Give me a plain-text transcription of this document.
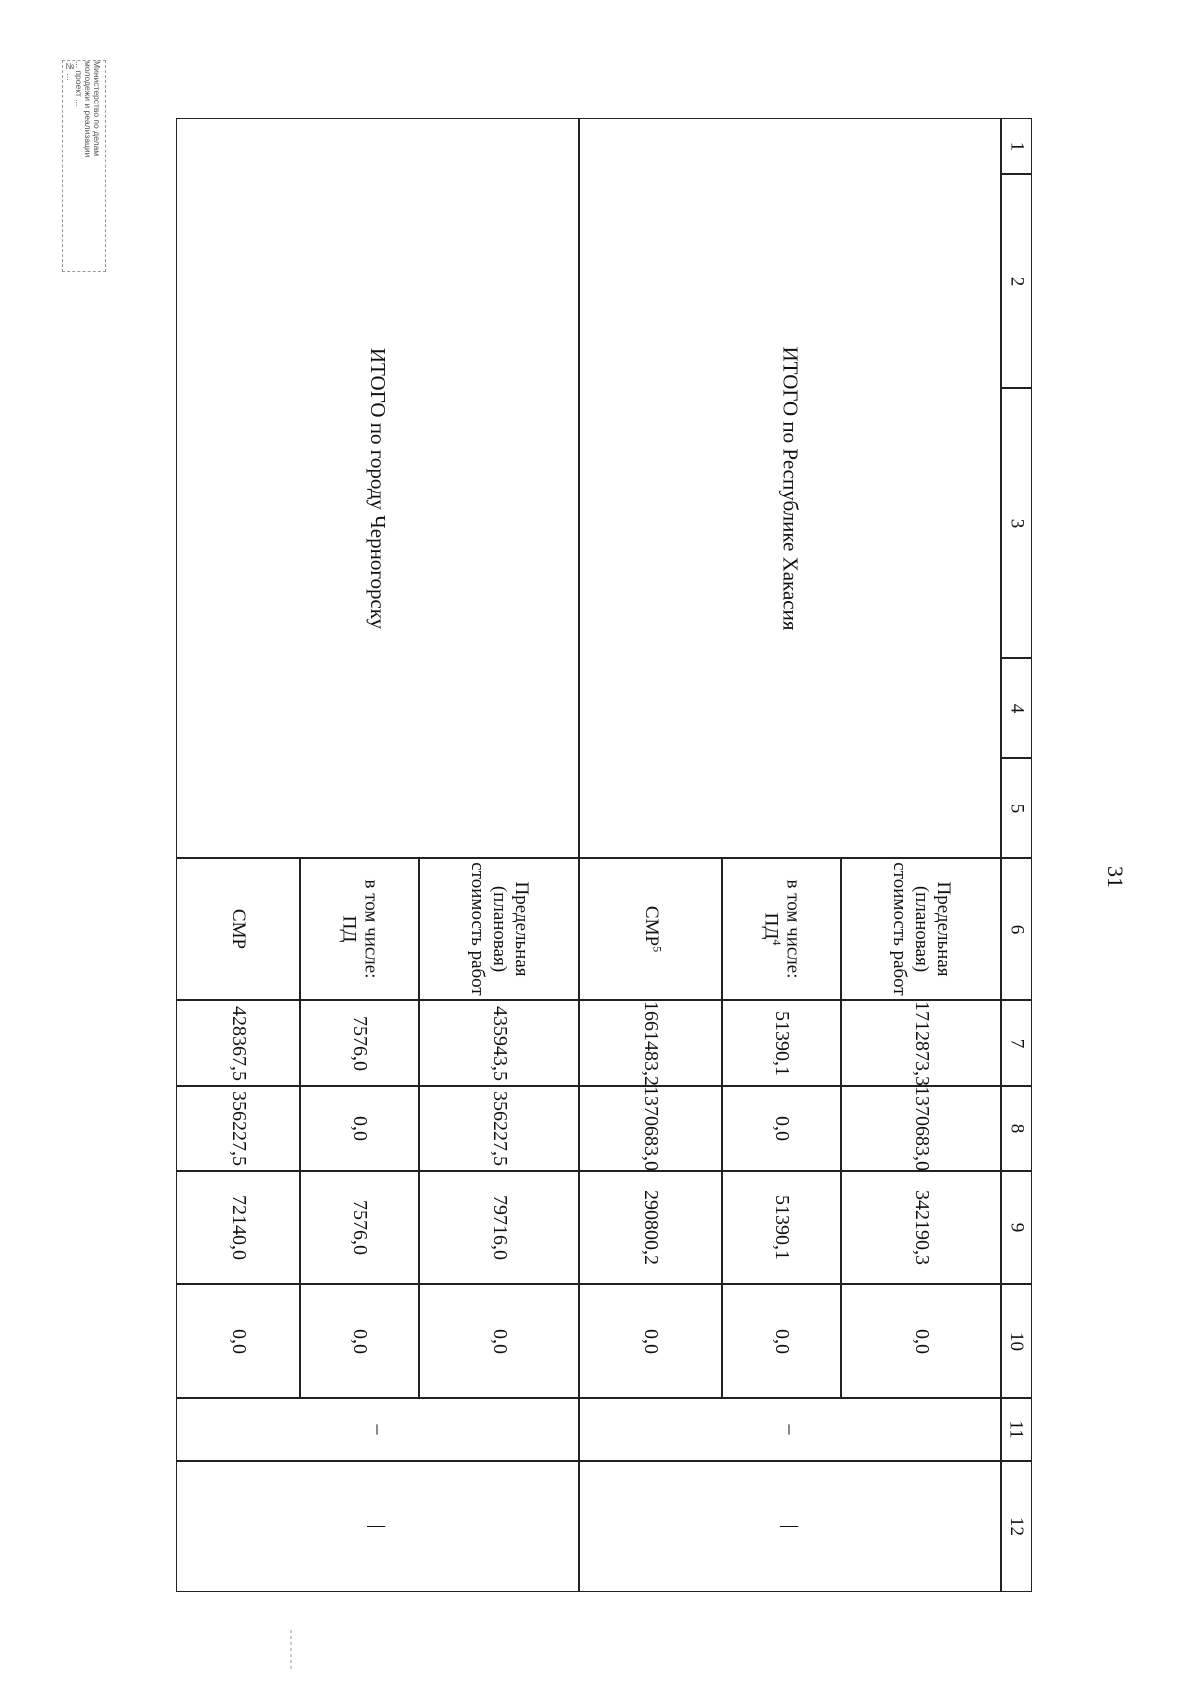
Министерство по делам
молодежи и реализации
... проект ...
№ ...
ИТОГО по городу Черногорску
СМР
428367,5
356227,5
72140,0
0,0
в том числе: ПД
7576,0
0,0
7576,0
0,0
Предельная (плановая) стоимость работ
435943,5
356227,5
79716,0
0,0
–
|
ИТОГО по Республике Хакасия
СМР$^5$
1661483,2
1370683,0
290800,2
0,0
в том числе: $ПД^4$
51390,1
0,0
51390,1
0,0
Предельная (плановая) стоимость работ
1712873,3
1370683,0
342190,3
0,0
–
|
1
2
3
4
5
6
7
8
9
10
11
12
31
